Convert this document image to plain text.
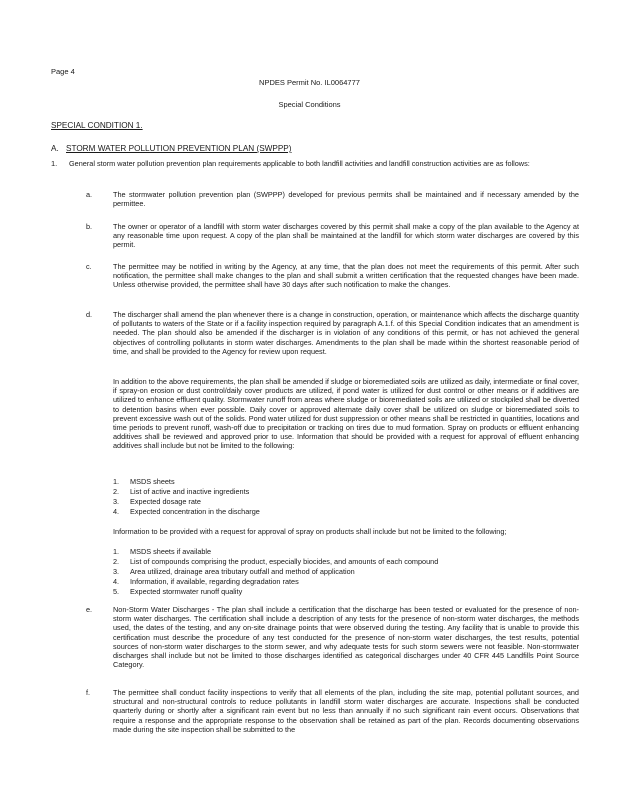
Page 4
NPDES Permit No. IL0064777
Special Conditions
SPECIAL CONDITION 1.
A. STORM WATER POLLUTION PREVENTION PLAN (SWPPP)
1. General storm water pollution prevention plan requirements applicable to both landfill activities and landfill construction activities are as follows:
a.	The stormwater pollution prevention plan (SWPPP) developed for previous permits shall be maintained and if necessary amended by the permittee.
b.	The owner or operator of a landfill with storm water discharges covered by this permit shall make a copy of the plan available to the Agency at any reasonable time upon request. A copy of the plan shall be maintained at the landfill for which storm water discharges are covered by this permit.
c.	The permittee may be notified in writing by the Agency, at any time, that the plan does not meet the requirements of this permit. After such notification, the permittee shall make changes to the plan and shall submit a written certification that the requested changes have been made. Unless otherwise provided, the permittee shall have 30 days after such notification to make the changes.
d.	The discharger shall amend the plan whenever there is a change in construction, operation, or maintenance which affects the discharge quantity of pollutants to waters of the State or if a facility inspection required by paragraph A.1.f. of this Special Condition indicates that an amendment is needed. The plan should also be amended if the discharger is in violation of any conditions of this permit, or has not achieved the general objectives of controlling pollutants in storm water discharges. Amendments to the plan shall be made within the shortest reasonable period of time, and shall be provided to the Agency for review upon request.
In addition to the above requirements, the plan shall be amended if sludge or bioremediated soils are utilized as daily, intermediate or final cover, if spray-on erosion or dust control/daily cover products are utilized, if pond water is utilized for dust control or other means or if additives are utilized to enhance effluent quality. Stormwater runoff from areas where sludge or bioremediated soils are utilized or stockpiled shall be diverted to detention basins when ever possible. Daily cover or approved alternate daily cover shall be utilized on sludge or bioremediated soils to prevent excessive wash out of the solids. Pond water utilized for dust suppression or other means shall be restricted in quantities, locations and time periods to prevent runoff, wash-off due to precipitation or tracking on tires due to mud formation. Spray on products or effluent enhancing additives shall be reviewed and approved prior to use. Information that should be provided with a request for approval of effluent enhancing additives shall include but not be limited to the following:
1.	MSDS sheets
2.	List of active and inactive ingredients
3.	Expected dosage rate
4.	Expected concentration in the discharge
Information to be provided with a request for approval of spray on products shall include but not be limited to the following;
1.	MSDS sheets if available
2.	List of compounds comprising the product, especially biocides, and amounts of each compound
3.	Area utilized, drainage area tributary outfall and method of application
4.	Information, if available, regarding degradation rates
5.	Expected stormwater runoff quality
e.	Non-Storm Water Discharges - The plan shall include a certification that the discharge has been tested or evaluated for the presence of non-storm water discharges. The certification shall include a description of any tests for the presence of non-storm water discharges, the methods used, the dates of the testing, and any on-site drainage points that were observed during the testing. Any facility that is unable to provide this certification must describe the procedure of any test conducted for the presence of non-storm water discharges, the test results, potential sources of non-storm water discharges to the storm sewer, and why adequate tests for such storm sewers were not feasible. Non-stormwater discharges shall include but not be limited to those discharges identified as categorical discharges under 40 CFR 445 Landfills Point Source Category.
f.	The permittee shall conduct facility inspections to verify that all elements of the plan, including the site map, potential pollutant sources, and structural and non-structural controls to reduce pollutants in landfill storm water discharges are accurate. Inspections shall be conducted quarterly during or shortly after a significant rain event but no less than annually if no such significant rain event occurs. Observations that require a response and the appropriate response to the observation shall be retained as part of the plan. Records documenting observations made during the site inspection shall be submitted to the
